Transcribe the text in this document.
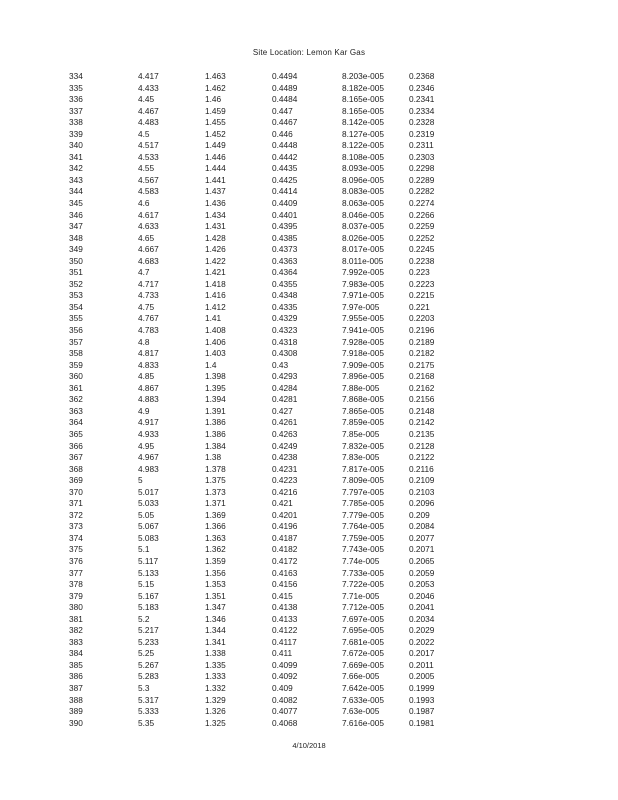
Site Location: Lemon Kar Gas
334	4.417	1.463	0.4494	8.203e-005	0.2368
335	4.433	1.462	0.4489	8.182e-005	0.2346
336	4.45	1.46	0.4484	8.165e-005	0.2341
337	4.467	1.459	0.447	8.165e-005	0.2334
338	4.483	1.455	0.4467	8.142e-005	0.2328
339	4.5	1.452	0.446	8.127e-005	0.2319
340	4.517	1.449	0.4448	8.122e-005	0.2311
341	4.533	1.446	0.4442	8.108e-005	0.2303
342	4.55	1.444	0.4435	8.093e-005	0.2298
343	4.567	1.441	0.4425	8.096e-005	0.2289
344	4.583	1.437	0.4414	8.083e-005	0.2282
345	4.6	1.436	0.4409	8.063e-005	0.2274
346	4.617	1.434	0.4401	8.046e-005	0.2266
347	4.633	1.431	0.4395	8.037e-005	0.2259
348	4.65	1.428	0.4385	8.026e-005	0.2252
349	4.667	1.426	0.4373	8.017e-005	0.2245
350	4.683	1.422	0.4363	8.011e-005	0.2238
351	4.7	1.421	0.4364	7.992e-005	0.223
352	4.717	1.418	0.4355	7.983e-005	0.2223
353	4.733	1.416	0.4348	7.971e-005	0.2215
354	4.75	1.412	0.4335	7.97e-005	0.221
355	4.767	1.41	0.4329	7.955e-005	0.2203
356	4.783	1.408	0.4323	7.941e-005	0.2196
357	4.8	1.406	0.4318	7.928e-005	0.2189
358	4.817	1.403	0.4308	7.918e-005	0.2182
359	4.833	1.4	0.43	7.909e-005	0.2175
360	4.85	1.398	0.4293	7.896e-005	0.2168
361	4.867	1.395	0.4284	7.88e-005	0.2162
362	4.883	1.394	0.4281	7.868e-005	0.2156
363	4.9	1.391	0.427	7.865e-005	0.2148
364	4.917	1.386	0.4261	7.859e-005	0.2142
365	4.933	1.386	0.4263	7.85e-005	0.2135
366	4.95	1.384	0.4249	7.832e-005	0.2128
367	4.967	1.38	0.4238	7.83e-005	0.2122
368	4.983	1.378	0.4231	7.817e-005	0.2116
369	5	1.375	0.4223	7.809e-005	0.2109
370	5.017	1.373	0.4216	7.797e-005	0.2103
371	5.033	1.371	0.421	7.785e-005	0.2096
372	5.05	1.369	0.4201	7.779e-005	0.209
373	5.067	1.366	0.4196	7.764e-005	0.2084
374	5.083	1.363	0.4187	7.759e-005	0.2077
375	5.1	1.362	0.4182	7.743e-005	0.2071
376	5.117	1.359	0.4172	7.74e-005	0.2065
377	5.133	1.356	0.4163	7.733e-005	0.2059
378	5.15	1.353	0.4156	7.722e-005	0.2053
379	5.167	1.351	0.415	7.71e-005	0.2046
380	5.183	1.347	0.4138	7.712e-005	0.2041
381	5.2	1.346	0.4133	7.697e-005	0.2034
382	5.217	1.344	0.4122	7.695e-005	0.2029
383	5.233	1.341	0.4117	7.681e-005	0.2022
384	5.25	1.338	0.411	7.672e-005	0.2017
385	5.267	1.335	0.4099	7.669e-005	0.2011
386	5.283	1.333	0.4092	7.66e-005	0.2005
387	5.3	1.332	0.409	7.642e-005	0.1999
388	5.317	1.329	0.4082	7.633e-005	0.1993
389	5.333	1.326	0.4077	7.63e-005	0.1987
390	5.35	1.325	0.4068	7.616e-005	0.1981
4/10/2018
